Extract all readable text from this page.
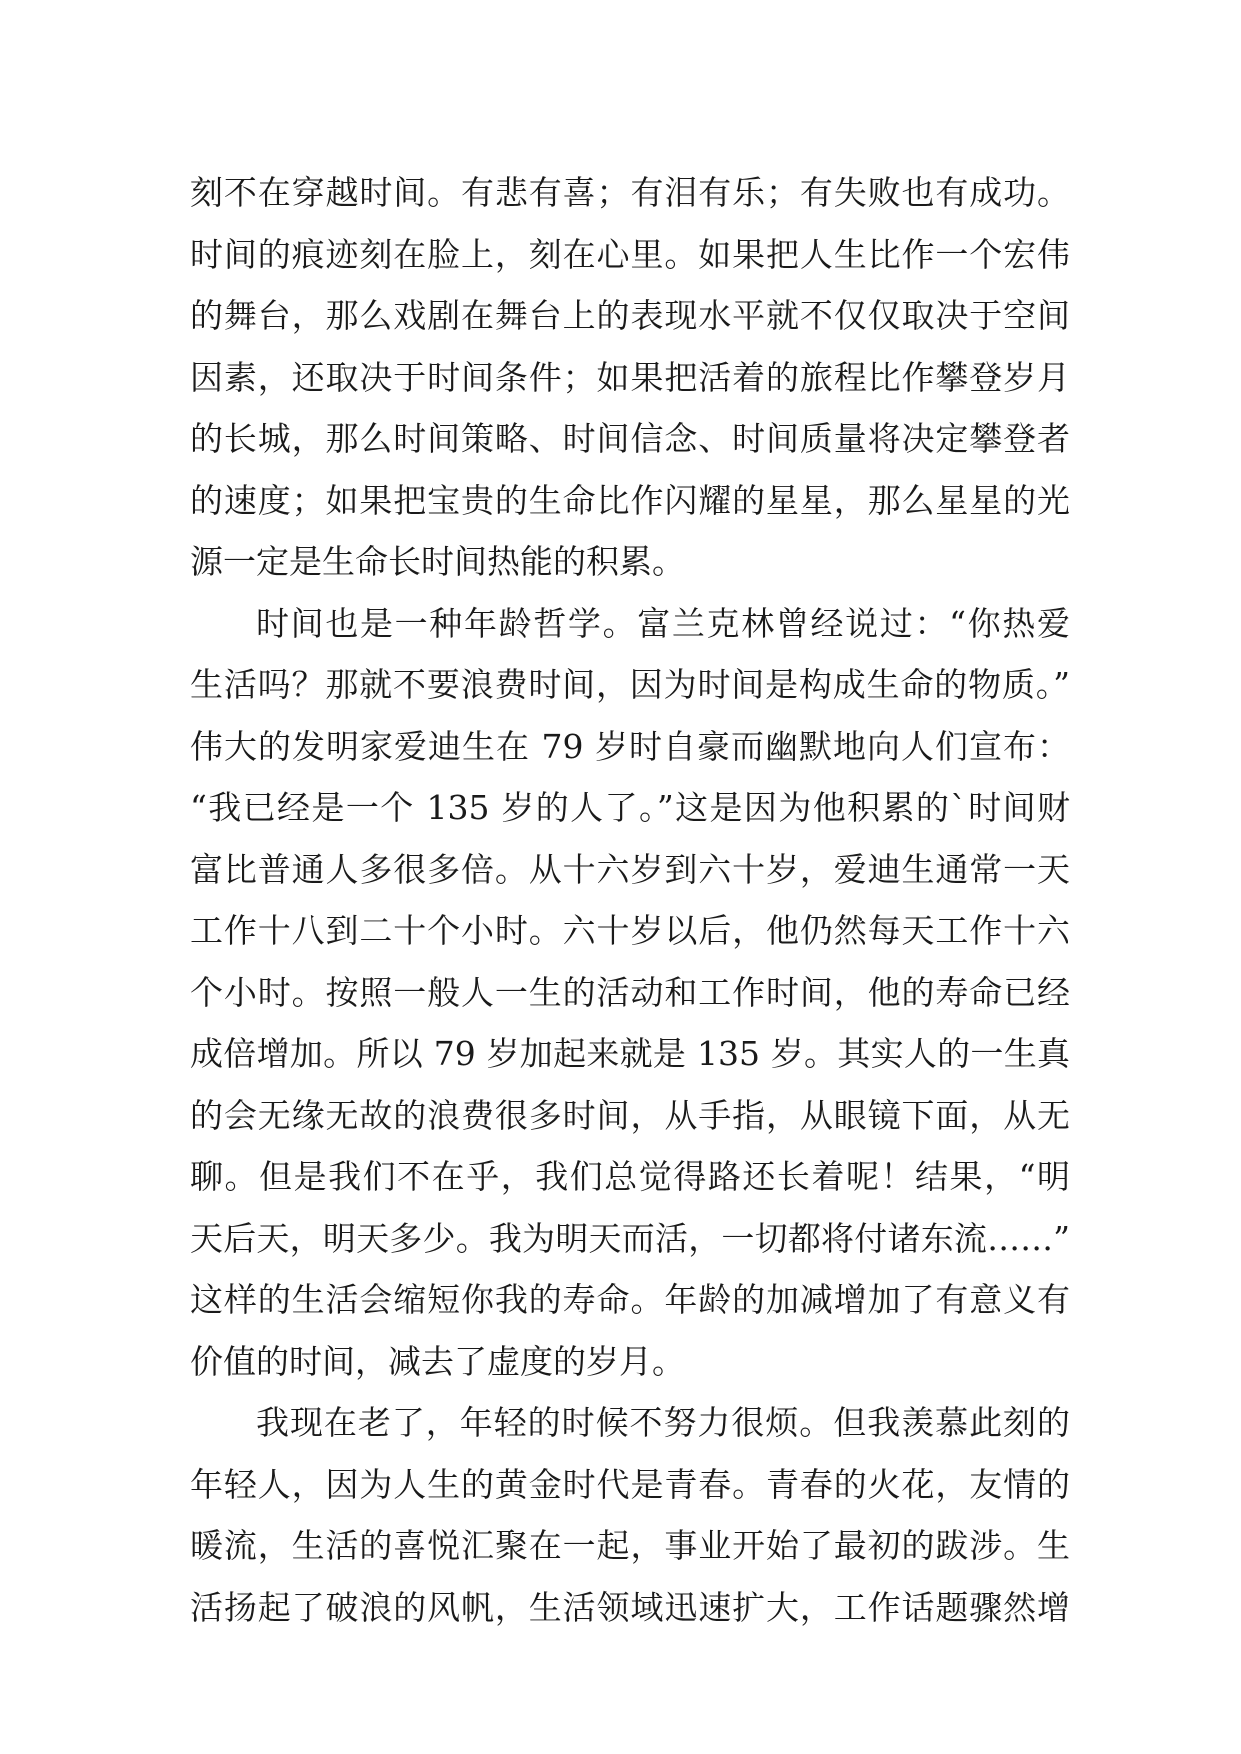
刻不在穿越时间。有悲有喜；有泪有乐；有失败也有成功。
时间的痕迹刻在脸上，刻在心里。如果把人生比作一个宏伟
的舞台，那么戏剧在舞台上的表现水平就不仅仅取决于空间
因素，还取决于时间条件；如果把活着的旅程比作攀登岁月
的长城，那么时间策略、时间信念、时间质量将决定攀登者
的速度；如果把宝贵的生命比作闪耀的星星，那么星星的光
源一定是生命长时间热能的积累。
时间也是一种年龄哲学。富兰克林曾经说过：“你热爱
生活吗？那就不要浪费时间，因为时间是构成生命的物质。”
伟大的发明家爱迪生在 79 岁时自豪而幽默地向人们宣布：
“我已经是一个 135 岁的人了。”这是因为他积累的`时间财
富比普通人多很多倍。从十六岁到六十岁，爱迪生通常一天
工作十八到二十个小时。六十岁以后，他仍然每天工作十六
个小时。按照一般人一生的活动和工作时间，他的寿命已经
成倍增加。所以 79 岁加起来就是 135 岁。其实人的一生真
的会无缘无故的浪费很多时间，从手指，从眼镜下面，从无
聊。但是我们不在乎，我们总觉得路还长着呢！结果，“明
天后天，明天多少。我为明天而活，一切都将付诸东流……”
这样的生活会缩短你我的寿命。年龄的加减增加了有意义有
价值的时间，减去了虚度的岁月。
我现在老了，年轻的时候不努力很烦。但我羡慕此刻的
年轻人，因为人生的黄金时代是青春。青春的火花，友情的
暖流，生活的喜悦汇聚在一起，事业开始了最初的跋涉。生
活扬起了破浪的风帆，生活领域迅速扩大，工作话题骤然增
